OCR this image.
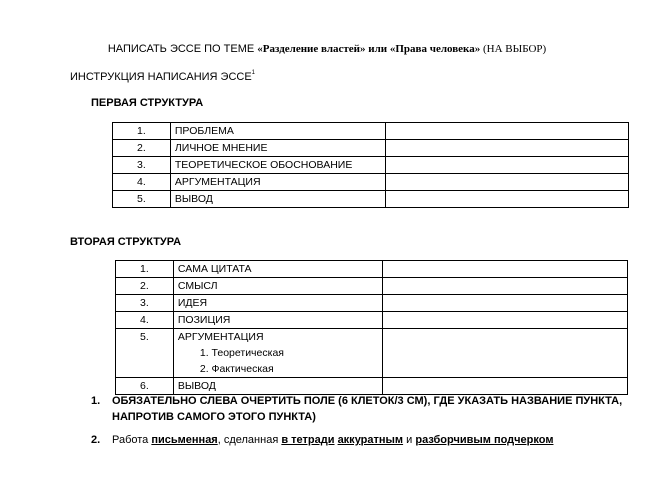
НАПИСАТЬ ЭССЕ ПО ТЕМЕ «Разделение властей» или «Права человека» (НА ВЫБОР)
ИНСТРУКЦИЯ НАПИСАНИЯ ЭССЕ$^1$
ПЕРВАЯ СТРУКТУРА
1.	ПРОБЛЕМА	
2.	ЛИЧНОЕ МНЕНИЕ	
3.	ТЕОРЕТИЧЕСКОЕ ОБОСНОВАНИЕ	
4.	АРГУМЕНТАЦИЯ	
5.	ВЫВОД	
ВТОРАЯ СТРУКТУРА
1.	САМА ЦИТАТА	
2.	СМЫСЛ	
3.	ИДЕЯ	
4.	ПОЗИЦИЯ	
5.	АРГУМЕНТАЦИЯ
1. Теоретическая
2. Фактическая	

6.	ВЫВОД	
1. ОБЯЗАТЕЛЬНО СЛЕВА ОЧЕРТИТЬ ПОЛЕ (6 КЛЕТОК/3 СМ), ГДЕ УКАЗАТЬ НАЗВАНИЕ ПУНКТА, НАПРОТИВ САМОГО ЭТОГО ПУНКТА)
2. Работа письменная, сделанная в тетради аккуратным и разборчивым подчерком
